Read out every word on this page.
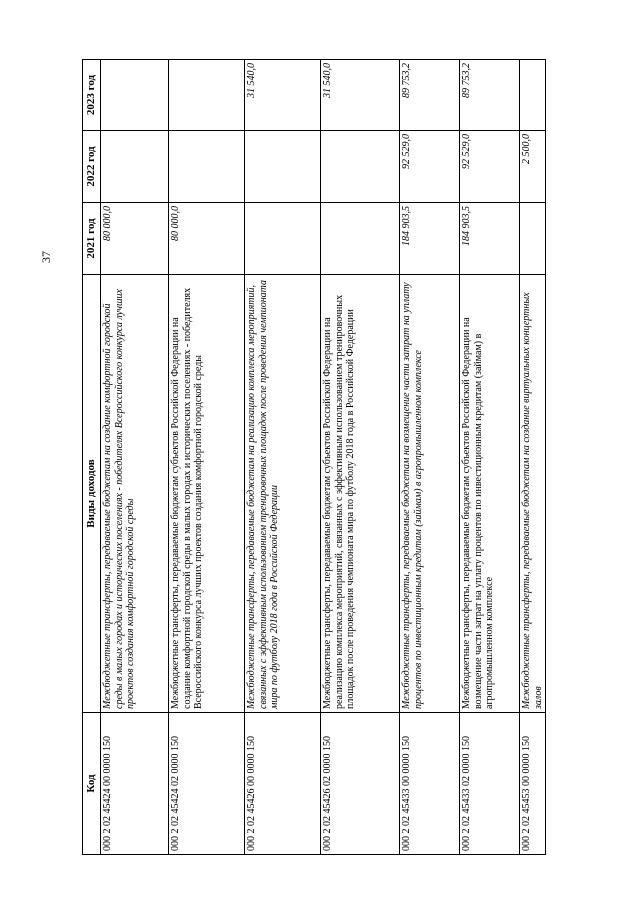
37
Код	Виды доходов	2021 год	2022 год	2023 год
000 2 02 45424 00 0000 150	Межбюджетные трансферты, передаваемые бюджетам на создание комфортной городской среды в малых городах и исторических поселениях - победителях Всероссийского конкурса лучших проектов создания комфортной городской среды	80 000,0		
000 2 02 45424 02 0000 150	Межбюджетные трансферты, передаваемые бюджетам субъектов Российской Федерации на создание комфортной городской среды в малых городах и исторических поселениях - победителях Всероссийского конкурса лучших проектов создания комфортной городской среды	80 000,0		
000 2 02 45426 00 0000 150	Межбюджетные трансферты, передаваемые бюджетам на реализацию комплекса мероприятий, связанных с эффективным использованием тренировочных площадок после проведения чемпионата мира по футболу 2018 года в Российской Федерации			31 540,0
000 2 02 45426 02 0000 150	Межбюджетные трансферты, передаваемые бюджетам субъектов Российской Федерации на реализацию комплекса мероприятий, связанных с эффективным использованием тренировочных площадок после проведения чемпионата мира по футболу 2018 года в Российской Федерации			31 540,0
000 2 02 45433 00 0000 150	Межбюджетные трансферты, передаваемые бюджетам на возмещение части затрат на уплату процентов по инвестиционным кредитам (займам) в агропромышленном комплексе	184 903,5	92 529,0	89 753,2
000 2 02 45433 02 0000 150	Межбюджетные трансферты, передаваемые бюджетам субъектов Российской Федерации на возмещение части затрат на уплату процентов по инвестиционным кредитам (займам) в агропромышленном комплексе	184 903,5	92 529,0	89 753,2
000 2 02 45453 00 0000 150	Межбюджетные трансферты, передаваемые бюджетам на создание виртуальных концертных залов		2 500,0	
